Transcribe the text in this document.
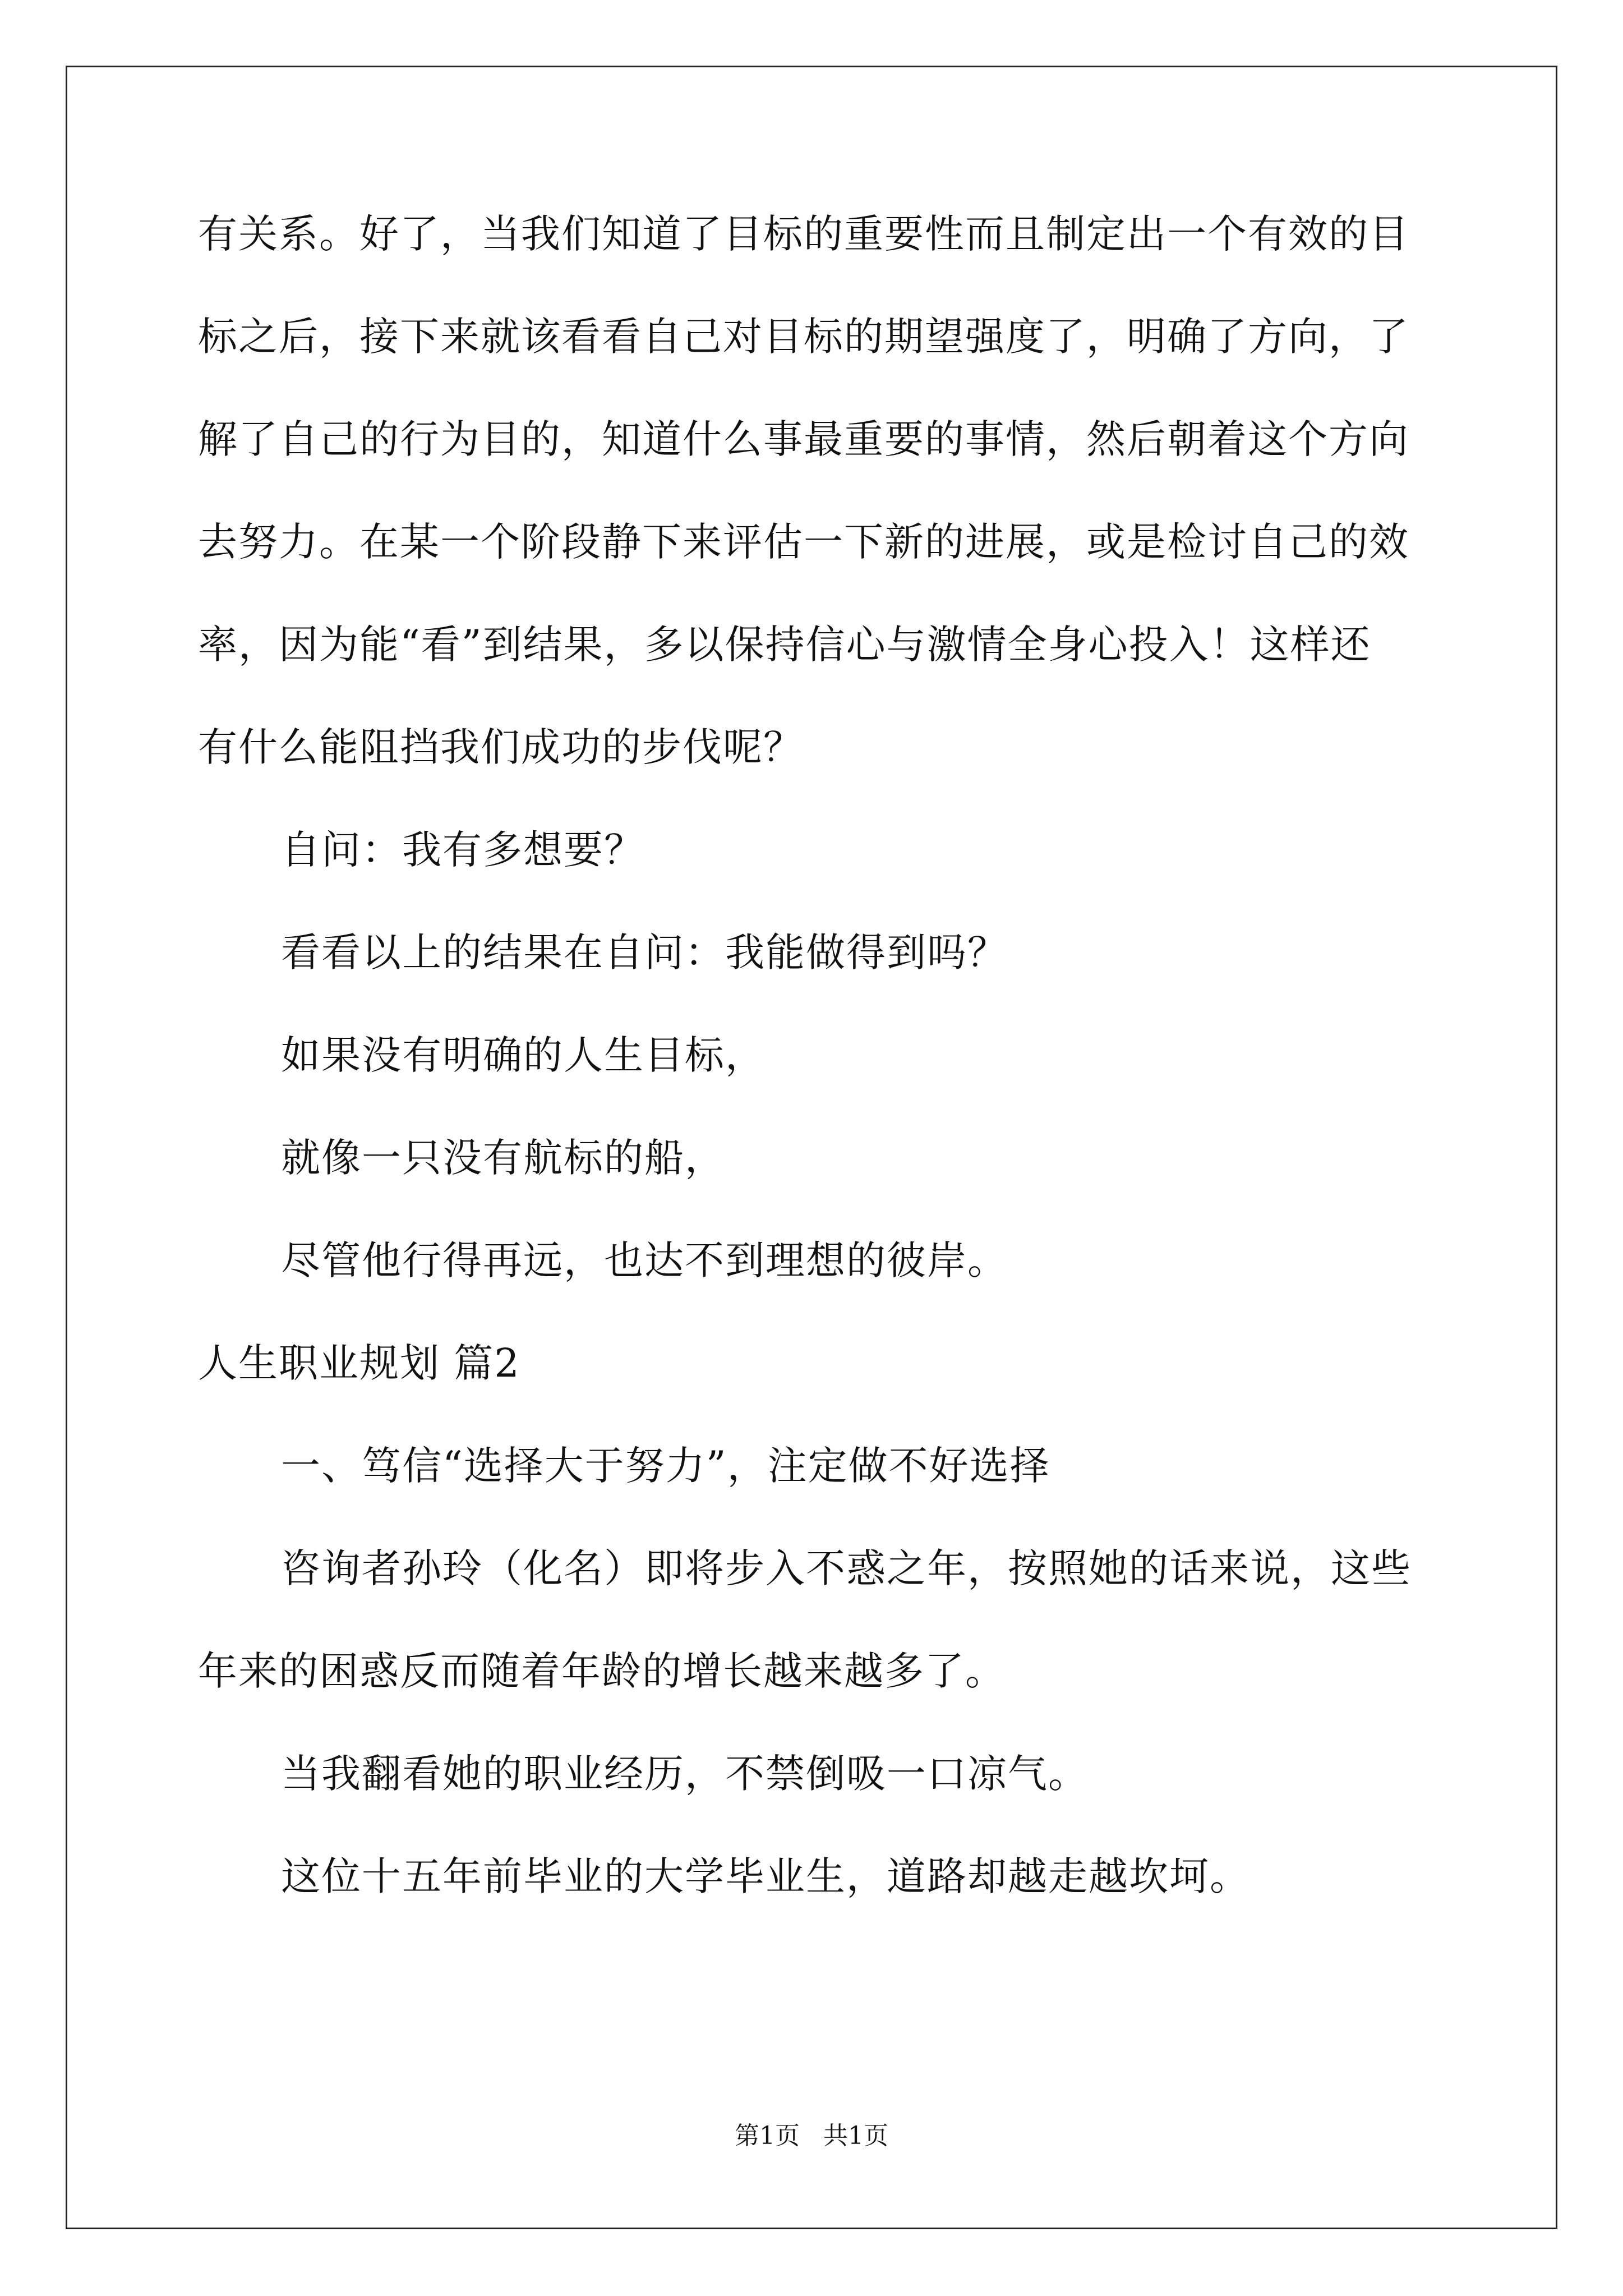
有关系。好了，当我们知道了目标的重要性而且制定出一个有效的目
标之后，接下来就该看看自己对目标的期望强度了，明确了方向，了
解了自己的行为目的，知道什么事最重要的事情，然后朝着这个方向
去努力。在某一个阶段静下来评估一下新的进展，或是检讨自己的效
率，因为能“看”到结果，多以保持信心与激情全身心投入！这样还
有什么能阻挡我们成功的步伐呢？
自问：我有多想要？
看看以上的结果在自问：我能做得到吗？
如果没有明确的人生目标，
就像一只没有航标的船，
尽管他行得再远，也达不到理想的彼岸。
人生职业规划 篇2
一、笃信“选择大于努力”，注定做不好选择
咨询者孙玲（化名）即将步入不惑之年，按照她的话来说，这些
年来的困惑反而随着年龄的增长越来越多了。
当我翻看她的职业经历，不禁倒吸一口凉气。
这位十五年前毕业的大学毕业生，道路却越走越坎坷。
第1页   共1页
